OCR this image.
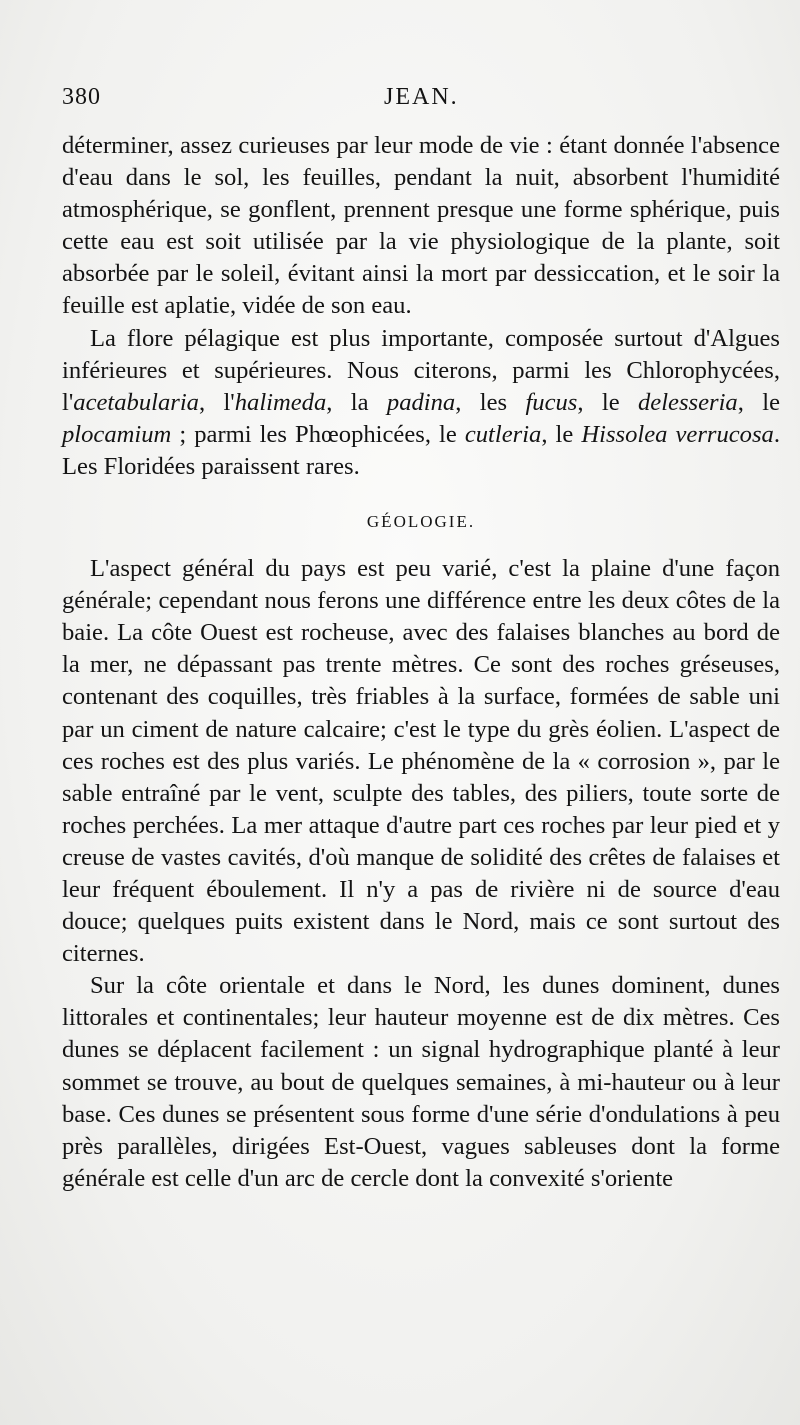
380	JEAN.

déterminer, assez curieuses par leur mode de vie : étant donnée l'absence d'eau dans le sol, les feuilles, pendant la nuit, absorbent l'humidité atmosphérique, se gonflent, prennent presque une forme sphérique, puis cette eau est soit utilisée par la vie physiologique de la plante, soit absorbée par le soleil, évitant ainsi la mort par dessiccation, et le soir la feuille est aplatie, vidée de son eau.

La flore pélagique est plus importante, composée surtout d'Algues inférieures et supérieures. Nous citerons, parmi les Chlorophycées, l'acetabularia, l'halimeda, la padina, les fucus, le delesseria, le plocamium ; parmi les Phœophicées, le cutleria, le Hissolea verrucosa. Les Floridées paraissent rares.

GÉOLOGIE.

L'aspect général du pays est peu varié, c'est la plaine d'une façon générale; cependant nous ferons une différence entre les deux côtes de la baie. La côte Ouest est rocheuse, avec des falaises blanches au bord de la mer, ne dépassant pas trente mètres. Ce sont des roches gréseuses, contenant des coquilles, très friables à la surface, formées de sable uni par un ciment de nature calcaire; c'est le type du grès éolien. L'aspect de ces roches est des plus variés. Le phénomène de la « corrosion », par le sable entraîné par le vent, sculpte des tables, des piliers, toute sorte de roches perchées. La mer attaque d'autre part ces roches par leur pied et y creuse de vastes cavités, d'où manque de solidité des crêtes de falaises et leur fréquent éboulement. Il n'y a pas de rivière ni de source d'eau douce; quelques puits existent dans le Nord, mais ce sont surtout des citernes.

Sur la côte orientale et dans le Nord, les dunes dominent, dunes littorales et continentales; leur hauteur moyenne est de dix mètres. Ces dunes se déplacent facilement : un signal hydrographique planté à leur sommet se trouve, au bout de quelques semaines, à mi-hauteur ou à leur base. Ces dunes se présentent sous forme d'une série d'ondulations à peu près parallèles, dirigées Est-Ouest, vagues sableuses dont la forme générale est celle d'un arc de cercle dont la convexité s'oriente
